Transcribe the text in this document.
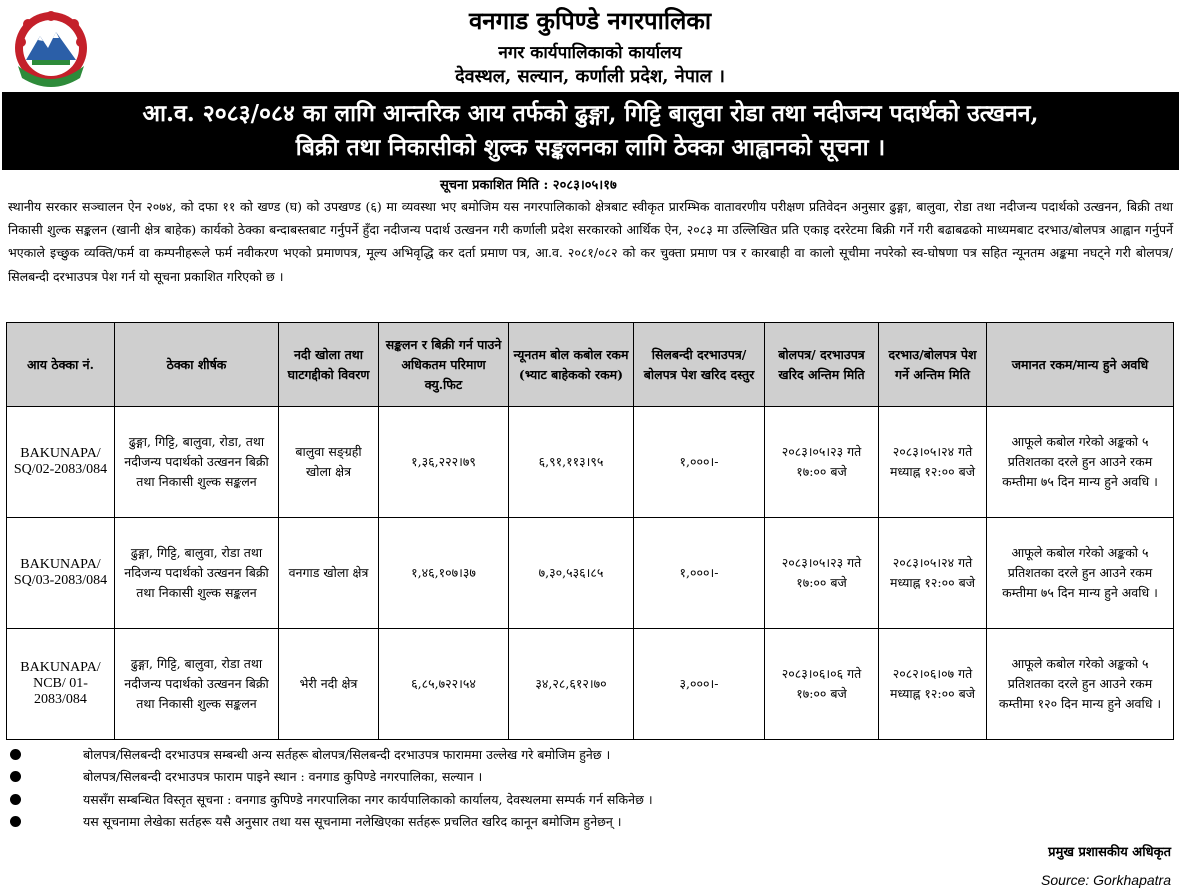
वनगाड कुपिण्डे नगरपालिका
नगर कार्यपालिकाको कार्यालय
देवस्थल, सल्यान, कर्णाली प्रदेश, नेपाल ।
आ.व. २०८३/०८४ का लागि आन्तरिक आय तर्फको ढुङ्गा, गिट्टि बालुवा रोडा तथा नदीजन्य पदार्थको उत्खनन,
बिक्री तथा निकासीको शुल्क सङ्कलनका लागि ठेक्का आह्वानको सूचना ।
सूचना प्रकाशित मिति : २०८३।०५।१७
स्थानीय सरकार सञ्चालन ऐन २०७४, को दफा ११ को खण्ड (घ) को उपखण्ड (६) मा व्यवस्था भए बमोजिम यस नगरपालिकाको क्षेत्रबाट स्वीकृत प्रारम्भिक वातावरणीय परीक्षण प्रतिवेदन अनुसार ढुङ्गा, बालुवा, रोडा तथा नदीजन्य पदार्थको उत्खनन, बिक्री तथा निकासी शुल्क सङ्कलन (खानी क्षेत्र बाहेक) कार्यको ठेक्का बन्दाबस्तबाट गर्नुपर्ने हुँदा नदीजन्य पदार्थ उत्खनन गरी कर्णाली प्रदेश सरकारको आर्थिक ऐन, २०८३ मा उल्लिखित प्रति एकाइ दररेटमा बिक्री गर्ने गरी बढाबढको माध्यमबाट दरभाउ/बोलपत्र आह्वान गर्नुपर्ने भएकाले इच्छुक व्यक्ति/फर्म वा कम्पनीहरूले फर्म नवीकरण भएको प्रमाणपत्र, मूल्य अभिवृद्धि कर दर्ता प्रमाण पत्र, आ.व. २०८१/०८२ को कर चुक्ता प्रमाण पत्र र कारबाही वा कालो सूचीमा नपरेको स्व-घोषणा पत्र सहित न्यूनतम अङ्कमा नघट्ने गरी बोलपत्र/सिलबन्दी दरभाउपत्र पेश गर्न यो सूचना प्रकाशित गरिएको छ ।
आय ठेक्का नं.	ठेक्का शीर्षक	नदी खोला तथा घाटगद्दीको विवरण	सङ्कलन र बिक्री गर्न पाउने अधिकतम परिमाण क्यु.फिट	न्यूनतम बोल कबोल रकम (भ्याट बाहेकको रकम)	सिलबन्दी दरभाउपत्र/बोलपत्र पेश खरिद दस्तुर	बोलपत्र/ दरभाउपत्र खरिद अन्तिम मिति	दरभाउ/बोलपत्र पेश गर्ने अन्तिम मिति	जमानत रकम/मान्य हुने अवधि
BAKUNAPA/ SQ/02-2083/084	ढुङ्गा, गिट्टि, बालुवा, रोडा, तथा नदीजन्य पदार्थको उत्खनन बिक्री तथा निकासी शुल्क सङ्कलन	बालुवा सङ्ग्रही खोला क्षेत्र	१,३६,२२२।७९	६,९१,११३।९५	१,०००।-	२०८३।०५।२३ गते १७:०० बजे	२०८३।०५।२४ गते मध्याह्न १२:०० बजे	आफूले कबोल गरेको अङ्कको ५ प्रतिशतका दरले हुन आउने रकम कम्तीमा ७५ दिन मान्य हुने अवधि ।
BAKUNAPA/ SQ/03-2083/084	ढुङ्गा, गिट्टि, बालुवा, रोडा तथा नदिजन्य पदार्थको उत्खनन बिक्री तथा निकासी शुल्क सङ्कलन	वनगाड खोला क्षेत्र	१,४६,१०७।३७	७,३०,५३६।८५	१,०००।-	२०८३।०५।२३ गते १७:०० बजे	२०८३।०५।२४ गते मध्याह्न १२:०० बजे	आफूले कबोल गरेको अङ्कको ५ प्रतिशतका दरले हुन आउने रकम कम्तीमा ७५ दिन मान्य हुने अवधि ।
BAKUNAPA/ NCB/ 01-2083/084	ढुङ्गा, गिट्टि, बालुवा, रोडा तथा नदीजन्य पदार्थको उत्खनन बिक्री तथा निकासी शुल्क सङ्कलन	भेरी नदी क्षेत्र	६,८५,७२२।५४	३४,२८,६१२।७०	३,०००।-	२०८३।०६।०६ गते १७:०० बजे	२०८२।०६।०७ गते मध्याह्न १२:०० बजे	आफूले कबोल गरेको अङ्कको ५ प्रतिशतका दरले हुन आउने रकम कम्तीमा १२० दिन मान्य हुने अवधि ।
बोलपत्र/सिलबन्दी दरभाउपत्र सम्बन्धी अन्य सर्तहरू बोलपत्र/सिलबन्दी दरभाउपत्र फाराममा उल्लेख गरे बमोजिम हुनेछ ।
बोलपत्र/सिलबन्दी दरभाउपत्र फाराम पाइने स्थान : वनगाड कुपिण्डे नगरपालिका, सल्यान ।
यससँग सम्बन्धित विस्तृत सूचना : वनगाड कुपिण्डे नगरपालिका नगर कार्यपालिकाको कार्यालय, देवस्थलमा सम्पर्क गर्न सकिनेछ ।
यस सूचनामा लेखेका सर्तहरू यसै अनुसार तथा यस सूचनामा नलेखिएका सर्तहरू प्रचलित खरिद कानून बमोजिम हुनेछन् ।
प्रमुख प्रशासकीय अधिकृत
Source: Gorkhapatra
